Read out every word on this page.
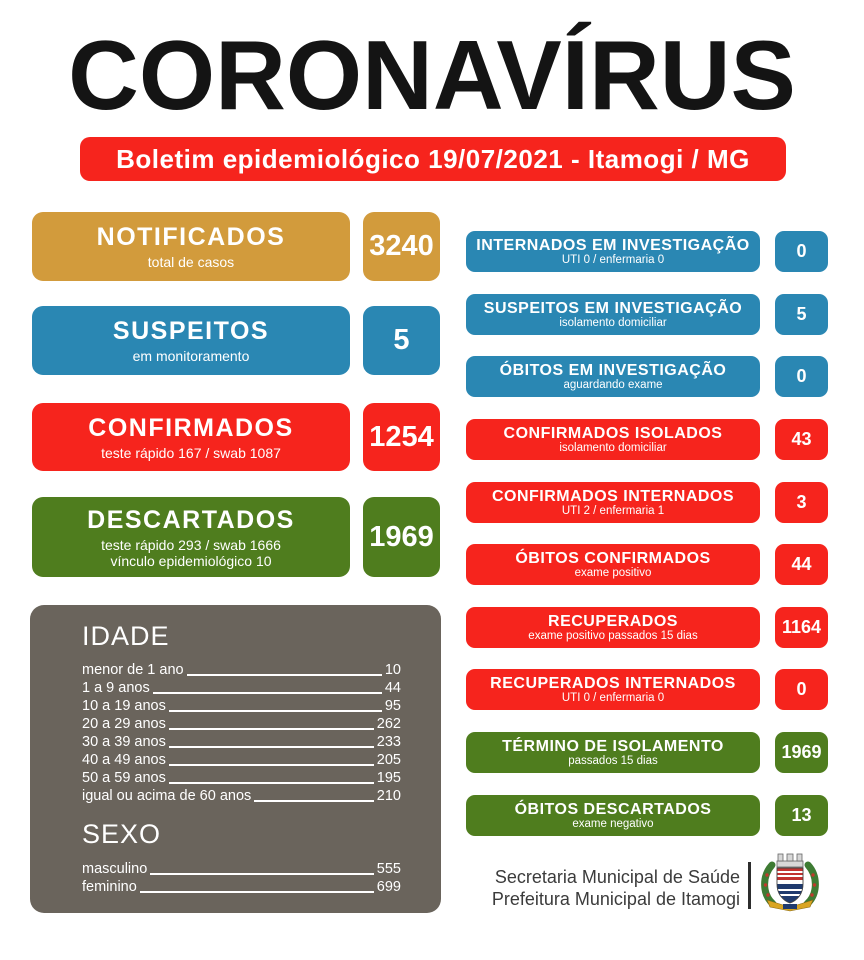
CORONAVÍRUS
Boletim epidemiológico 19/07/2021 - Itamogi / MG
NOTIFICADOS
total de casos	3240
SUSPEITOS
em monitoramento	5
CONFIRMADOS
teste rápido 167 / swab 1087	1254
DESCARTADOS
teste rápido 293 / swab 1666
vínculo epidemiológico 10
1969
INTERNADOS EM INVESTIGAÇÃO
UTI 0 / enfermaria 0	0
SUSPEITOS EM INVESTIGAÇÃO
isolamento domiciliar	5
ÓBITOS EM INVESTIGAÇÃO
aguardando exame	0
CONFIRMADOS ISOLADOS
isolamento domiciliar	43
CONFIRMADOS INTERNADOS
UTI 2 / enfermaria 1	3
ÓBITOS CONFIRMADOS
exame positivo	44
RECUPERADOS
exame positivo passados 15 dias	1164
RECUPERADOS INTERNADOS
UTI 0 / enfermaria 0	0
TÉRMINO DE ISOLAMENTO
passados 15 dias	1969
ÓBITOS DESCARTADOS
exame negativo	13
IDADE
menor de 1 ano	10
1 a 9 anos	44
10 a 19 anos	95
20 a 29 anos	262
30 a 39 anos	233
40 a 49 anos	205
50 a 59 anos	195
igual ou acima de 60 anos	210
SEXO
masculino	555
feminino	699	Secretaria Municipal de Saúde
Prefeitura Municipal de Itamogi
